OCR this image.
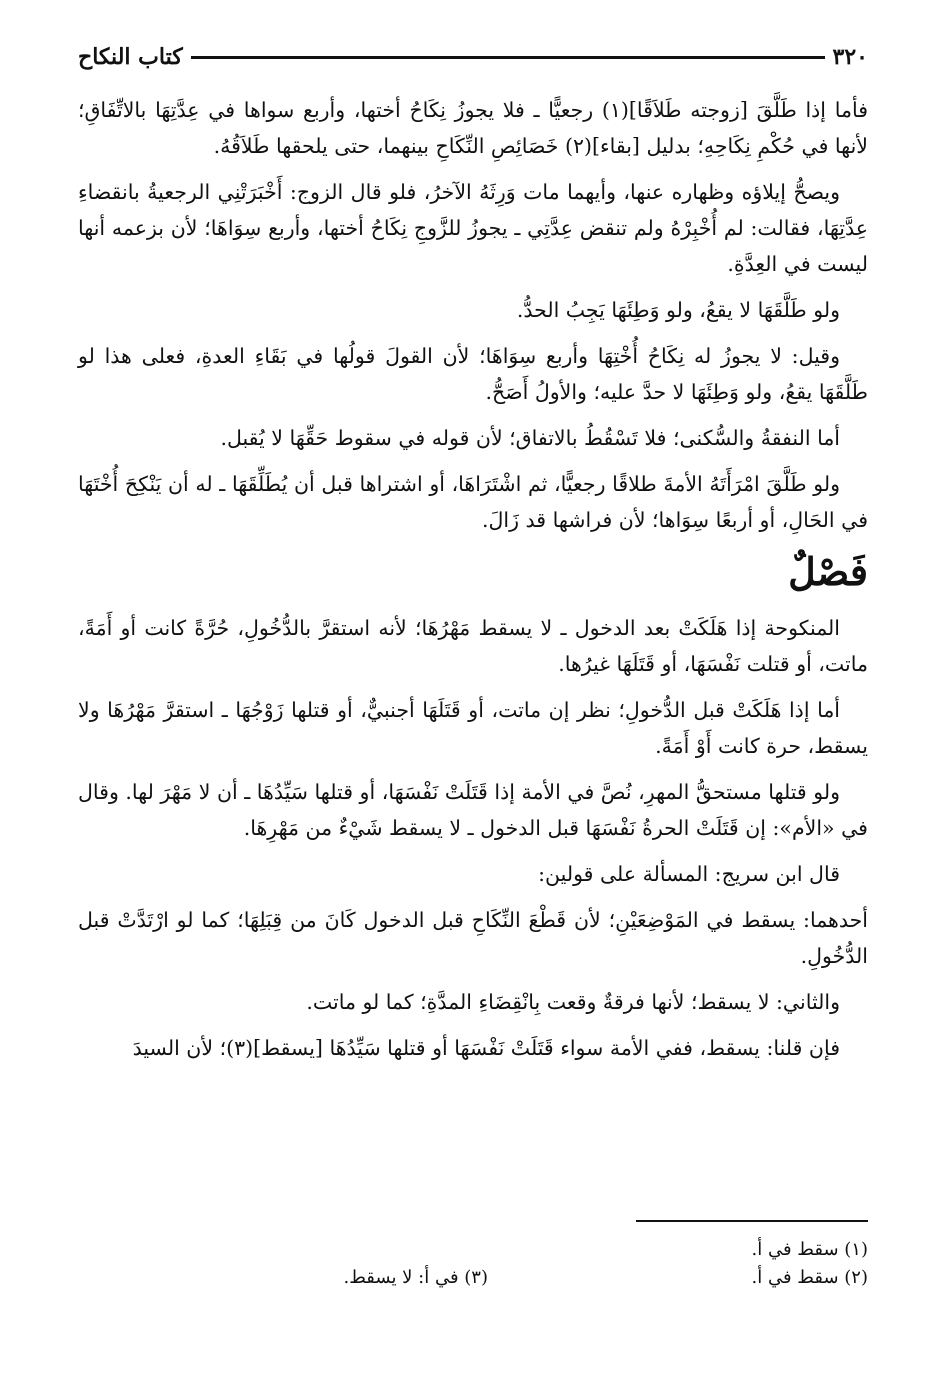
٣٢٠
كتاب النكاح

فأما إذا طَلَّقَ [زوجته طَلاَقًا](١) رجعيًّا ـ فلا يجوزُ نِكَاحُ أختها، وأربع سواها في عِدَّتِهَا بالاتِّفَاقِ؛ لأنها في حُكْمِ نِكَاحِهِ؛ بدليل [بقاء](٢) خَصَائِصِ النِّكَاحِ بينهما، حتى يلحقها طَلاَقُهُ.

ويصحُّ إيلاؤه وظهاره عنها، وأيهما مات وَرِثَهُ الآخرُ، فلو قال الزوج: أَخْبَرَتْنِي الرجعيةُ بانقضاءِ عِدَّتِهَا، فقالت: لم أُخْبِرْهُ ولم تنقض عِدَّتِي ـ يجوزُ للزَّوجِ نِكَاحُ أختها، وأربع سِوَاهَا؛ لأن بزعمه أنها ليست في العِدَّةِ.

ولو طَلَّقَهَا لا يقعُ، ولو وَطِئَهَا يَجِبُ الحدُّ.

وقيل: لا يجوزُ له نِكَاحُ أُخْتِهَا وأربع سِوَاهَا؛ لأن القولَ قولُها في بَقَاءِ العدةِ، فعلى هذا لو طَلَّقَهَا يقعُ، ولو وَطِئَهَا لا حدَّ عليه؛ والأولُ أَصَحُّ.

أما النفقةُ والسُّكنى؛ فلا تَسْقُطُ بالاتفاق؛ لأن قوله في سقوط حَقِّهَا لا يُقبل.

ولو طَلَّقَ امْرَأَتَهُ الأمةَ طلاقًا رجعيًّا، ثم اشْتَرَاهَا، أو اشتراها قبل أن يُطَلِّقَهَا ـ له أن يَنْكِحَ أُخْتَهَا في الحَالِ، أو أربعًا سِوَاها؛ لأن فراشها قد زَالَ.

فَصْلٌ

المنكوحة إذا هَلَكَتْ بعد الدخول ـ لا يسقط مَهْرُهَا؛ لأنه استقرَّ بالدُّخُولِ، حُرَّةً كانت أو أَمَةً، ماتت، أو قتلت نَفْسَهَا، أو قَتَلَهَا غيرُها.

أما إذا هَلَكَتْ قبل الدُّخولِ؛ نظر إن ماتت، أو قَتَلَهَا أجنبيٌّ، أو قتلها زَوْجُهَا ـ استقرَّ مَهْرُهَا ولا يسقط، حرة كانت أَوْ أَمَةً.

ولو قتلها مستحقُّ المهرِ، نُصَّ في الأمة إذا قَتَلَتْ نَفْسَهَا، أو قتلها سَيِّدُهَا ـ أن لا مَهْرَ لها. وقال في «الأم»: إن قَتَلَتْ الحرةُ نَفْسَهَا قبل الدخول ـ لا يسقط شَيْءٌ من مَهْرِهَا.

قال ابن سريج: المسألة على قولين:

أحدهما: يسقط في المَوْضِعَيْنِ؛ لأن قَطْعَ النِّكَاحِ قبل الدخول كَانَ من قِبَلِهَا؛ كما لو ارْتَدَّتْ قبل الدُّخُولِ.

والثاني: لا يسقط؛ لأنها فرقةٌ وقعت بِانْقِضَاءِ المدَّةِ؛ كما لو ماتت.

فإن قلنا: يسقط، ففي الأمة سواء قَتَلَتْ نَفْسَهَا أو قتلها سَيِّدُهَا [يسقط](٣)؛ لأن السيدَ

(١) سقط في أ.
(٢) سقط في أ.
(٣) في أ: لا يسقط.
